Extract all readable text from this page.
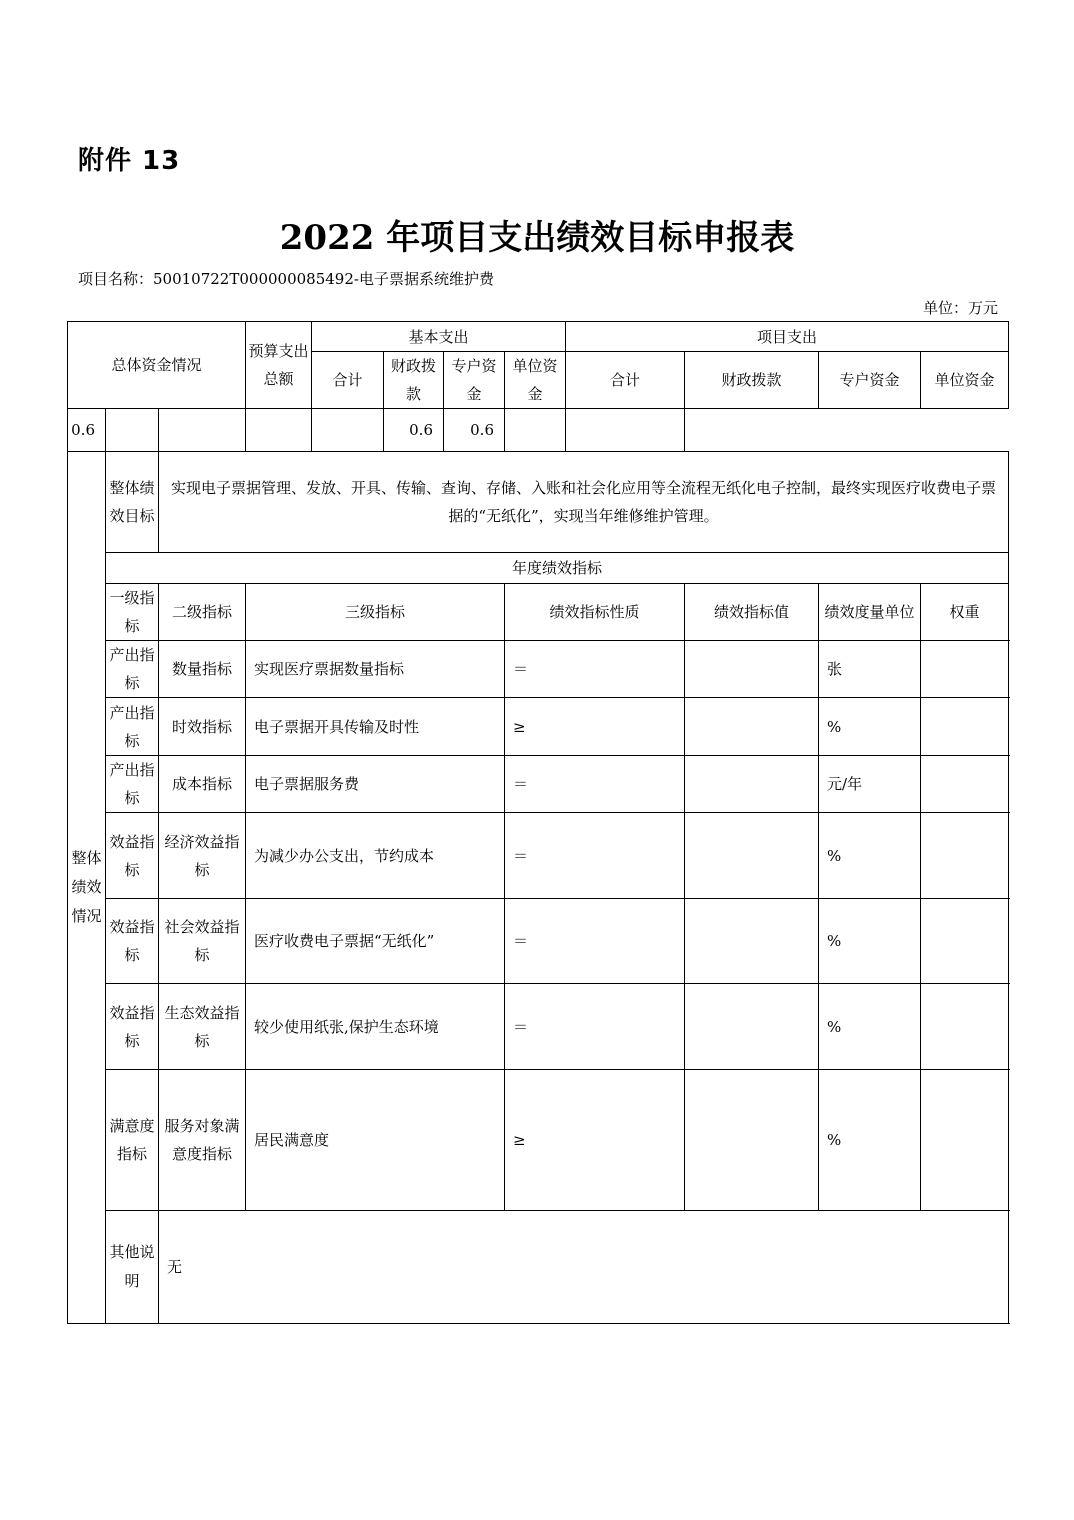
附件 13
2022 年项目支出绩效目标申报表
项目名称：50010722T000000085492-电子票据系统维护费
单位：万元
总体资金情况			预算支出总额	基本支出				项目支出			
				合计	财政拨款	专户资金	单位资金	合计	财政拨款	专户资金	单位资金
0.6					0.6	0.6					
整体绩效情况	整体绩效目标	实现电子票据管理、发放、开具、传输、查询、存储、入账和社会化应用等全流程无纸化电子控制，最终实现医疗收费电子票据的“无纸化”，实现当年维修维护管理。									
	年度绩效指标										
	一级指标	二级指标	三级指标				绩效指标性质		绩效指标值	绩效度量单位	权重
	产出指标	数量指标	实现医疗票据数量指标				＝			张	
	产出指标	时效指标	电子票据开具传输及时性				≥			%	
	产出指标	成本指标	电子票据服务费				＝			元/年	
	效益指标	经济效益指标	为减少办公支出，节约成本				＝			%	
	效益指标	社会效益指标	医疗收费电子票据“无纸化”				＝			%	
	效益指标	生态效益指标	较少使用纸张,保护生态环境				＝			%	
	满意度指标	服务对象满意度指标	居民满意度				≥			%	
	其他说明	无									
